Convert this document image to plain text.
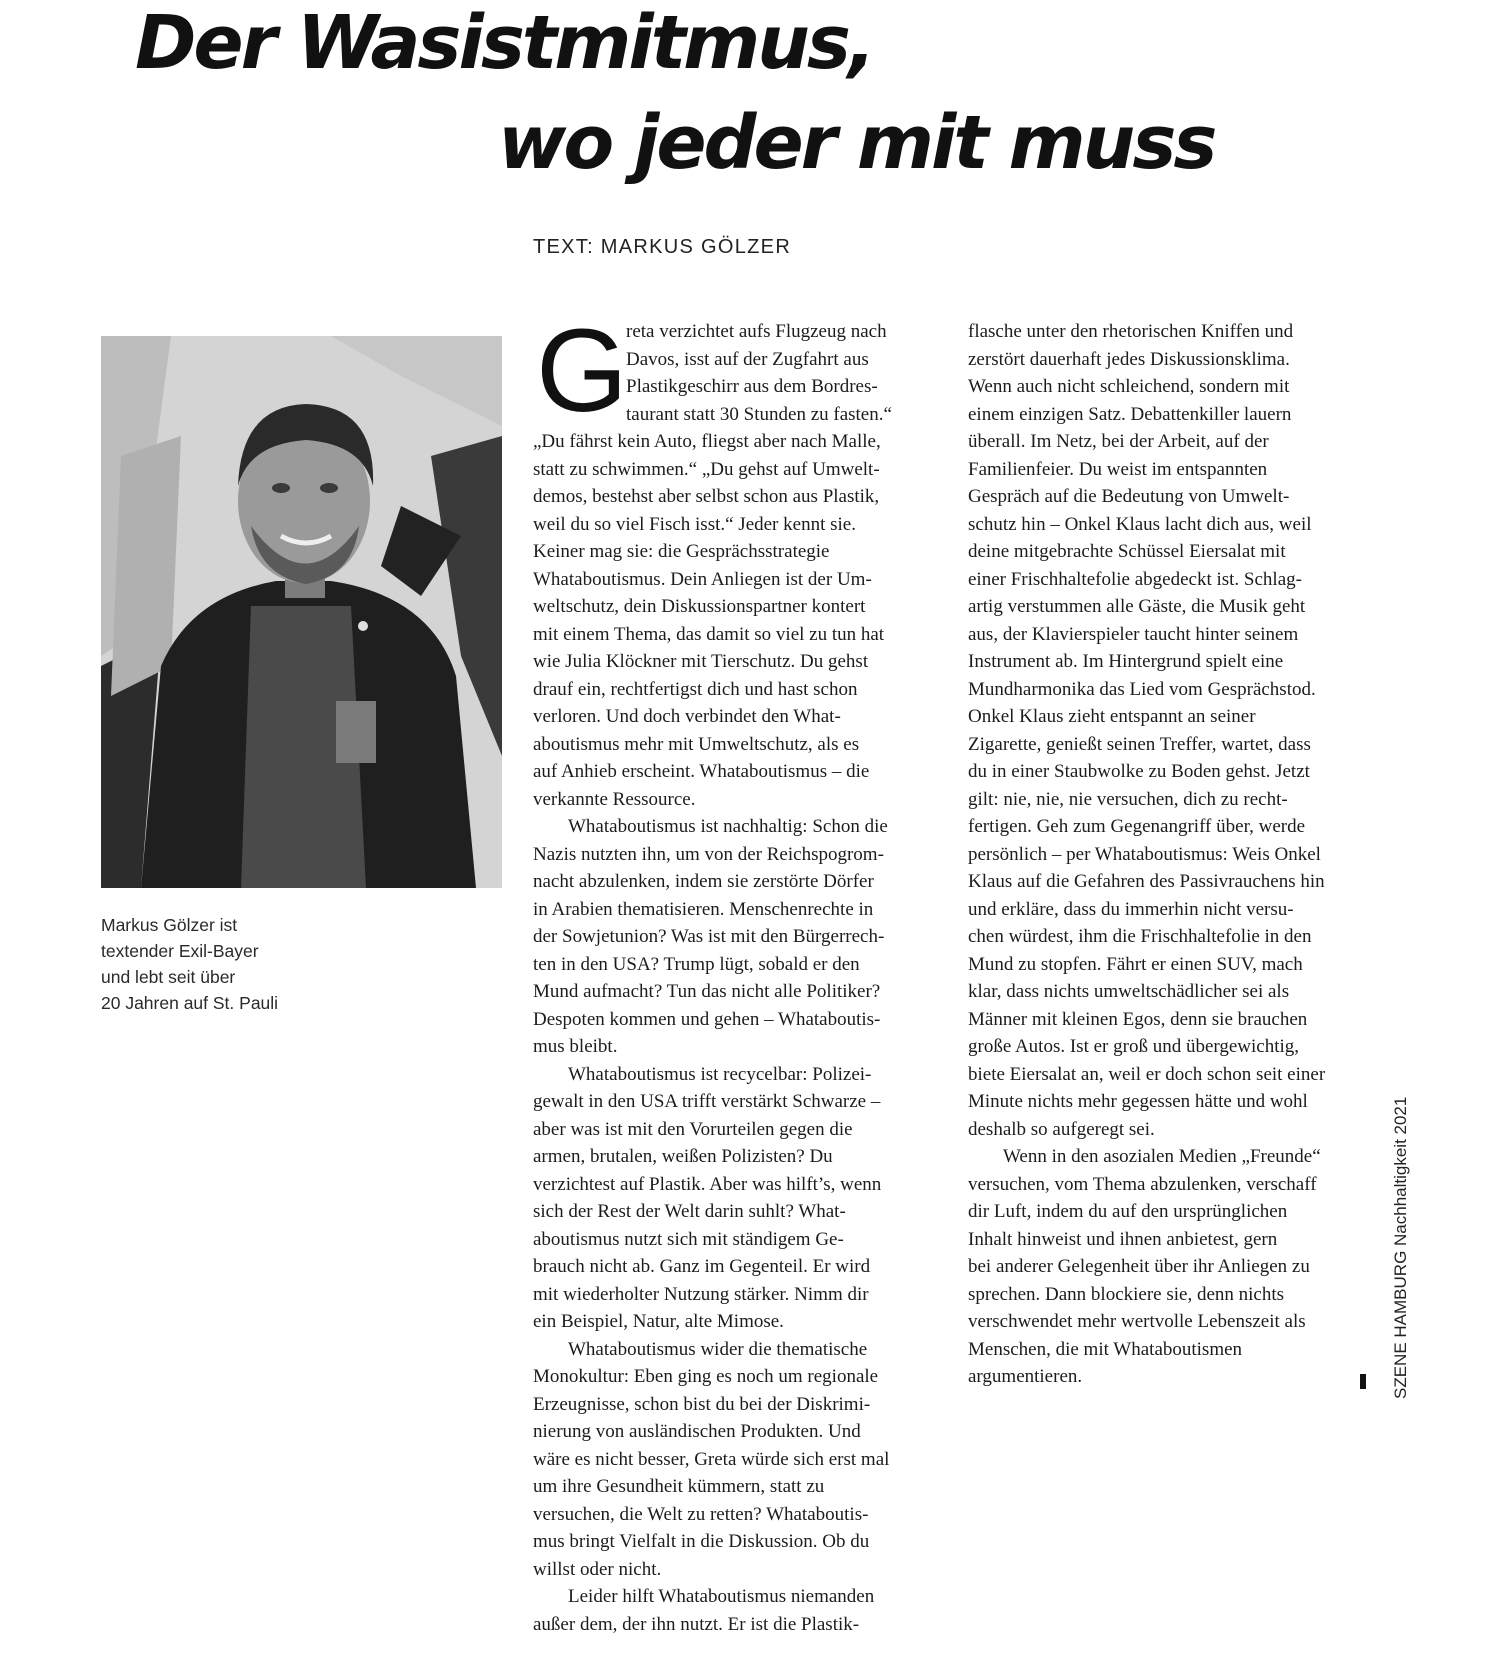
Der Wasistmitmus,
wo jeder mit muss
TEXT: MARKUS GÖLZER
Markus Gölzer ist
textender Exil-Bayer
und lebt seit über
20 Jahren auf St. Pauli
G
reta verzichtet aufs Flugzeug nach
Davos, isst auf der Zugfahrt aus
Plastikgeschirr aus dem Bordres-
taurant statt 30 Stunden zu fasten.“
„Du fährst kein Auto, fliegst aber nach Malle,
statt zu schwimmen.“ „Du gehst auf Umwelt-
demos, bestehst aber selbst schon aus Plastik,
weil du so viel Fisch isst.“ Jeder kennt sie.
Keiner mag sie: die Gesprächsstrategie
Whataboutismus. Dein Anliegen ist der Um-
weltschutz, dein Diskussionspartner kontert
mit einem Thema, das damit so viel zu tun hat
wie Julia Klöckner mit Tierschutz. Du gehst
drauf ein, rechtfertigst dich und hast schon
verloren. Und doch verbindet den What-
aboutismus mehr mit Umweltschutz, als es
auf Anhieb erscheint. Whataboutismus – die
verkannte Ressource.
Whataboutismus ist nachhaltig: Schon die
Nazis nutzten ihn, um von der Reichspogrom-
nacht abzulenken, indem sie zerstörte Dörfer
in Arabien thematisieren. Menschenrechte in
der Sowjetunion? Was ist mit den Bürgerrech-
ten in den USA? Trump lügt, sobald er den
Mund aufmacht? Tun das nicht alle Politiker?
Despoten kommen und gehen – Whataboutis-
mus bleibt.
Whataboutismus ist recycelbar: Polizei-
gewalt in den USA trifft verstärkt Schwarze –
aber was ist mit den Vorurteilen gegen die
armen, brutalen, weißen Polizisten? Du
verzichtest auf Plastik. Aber was hilft’s, wenn
sich der Rest der Welt darin suhlt? What-
aboutismus nutzt sich mit ständigem Ge-
brauch nicht ab. Ganz im Gegenteil. Er wird
mit wiederholter Nutzung stärker. Nimm dir
ein Beispiel, Natur, alte Mimose.
Whataboutismus wider die thematische
Monokultur: Eben ging es noch um regionale
Erzeugnisse, schon bist du bei der Diskrimi-
nierung von ausländischen Produkten. Und
wäre es nicht besser, Greta würde sich erst mal
um ihre Gesundheit kümmern, statt zu
versuchen, die Welt zu retten? Whataboutis-
mus bringt Vielfalt in die Diskussion. Ob du
willst oder nicht.
Leider hilft Whataboutismus niemanden
außer dem, der ihn nutzt. Er ist die Plastik-
flasche unter den rhetorischen Kniffen und
zerstört dauerhaft jedes Diskussionsklima.
Wenn auch nicht schleichend, sondern mit
einem einzigen Satz. Debattenkiller lauern
überall. Im Netz, bei der Arbeit, auf der
Familienfeier. Du weist im entspannten
Gespräch auf die Bedeutung von Umwelt-
schutz hin – Onkel Klaus lacht dich aus, weil
deine mitgebrachte Schüssel Eiersalat mit
einer Frischhaltefolie abgedeckt ist. Schlag-
artig verstummen alle Gäste, die Musik geht
aus, der Klavierspieler taucht hinter seinem
Instrument ab. Im Hintergrund spielt eine
Mundharmonika das Lied vom Gesprächstod.
Onkel Klaus zieht entspannt an seiner
Zigarette, genießt seinen Treffer, wartet, dass
du in einer Staubwolke zu Boden gehst. Jetzt
gilt: nie, nie, nie versuchen, dich zu recht-
fertigen. Geh zum Gegenangriff über, werde
persönlich – per Whataboutismus: Weis Onkel
Klaus auf die Gefahren des Passivrauchens hin
und erkläre, dass du immerhin nicht versu-
chen würdest, ihm die Frischhaltefolie in den
Mund zu stopfen. Fährt er einen SUV, mach
klar, dass nichts umweltschädlicher sei als
Männer mit kleinen Egos, denn sie brauchen
große Autos. Ist er groß und übergewichtig,
biete Eiersalat an, weil er doch schon seit einer
Minute nichts mehr gegessen hätte und wohl
deshalb so aufgeregt sei.
Wenn in den asozialen Medien „Freunde“
versuchen, vom Thema abzulenken, verschaff
dir Luft, indem du auf den ursprünglichen
Inhalt hinweist und ihnen anbietest, gern
bei anderer Gelegenheit über ihr Anliegen zu
sprechen. Dann blockiere sie, denn nichts
verschwendet mehr wertvolle Lebenszeit als
Menschen, die mit Whataboutismen
argumentieren.	SZENE HAMBURG Nachhaltigkeit 2021
